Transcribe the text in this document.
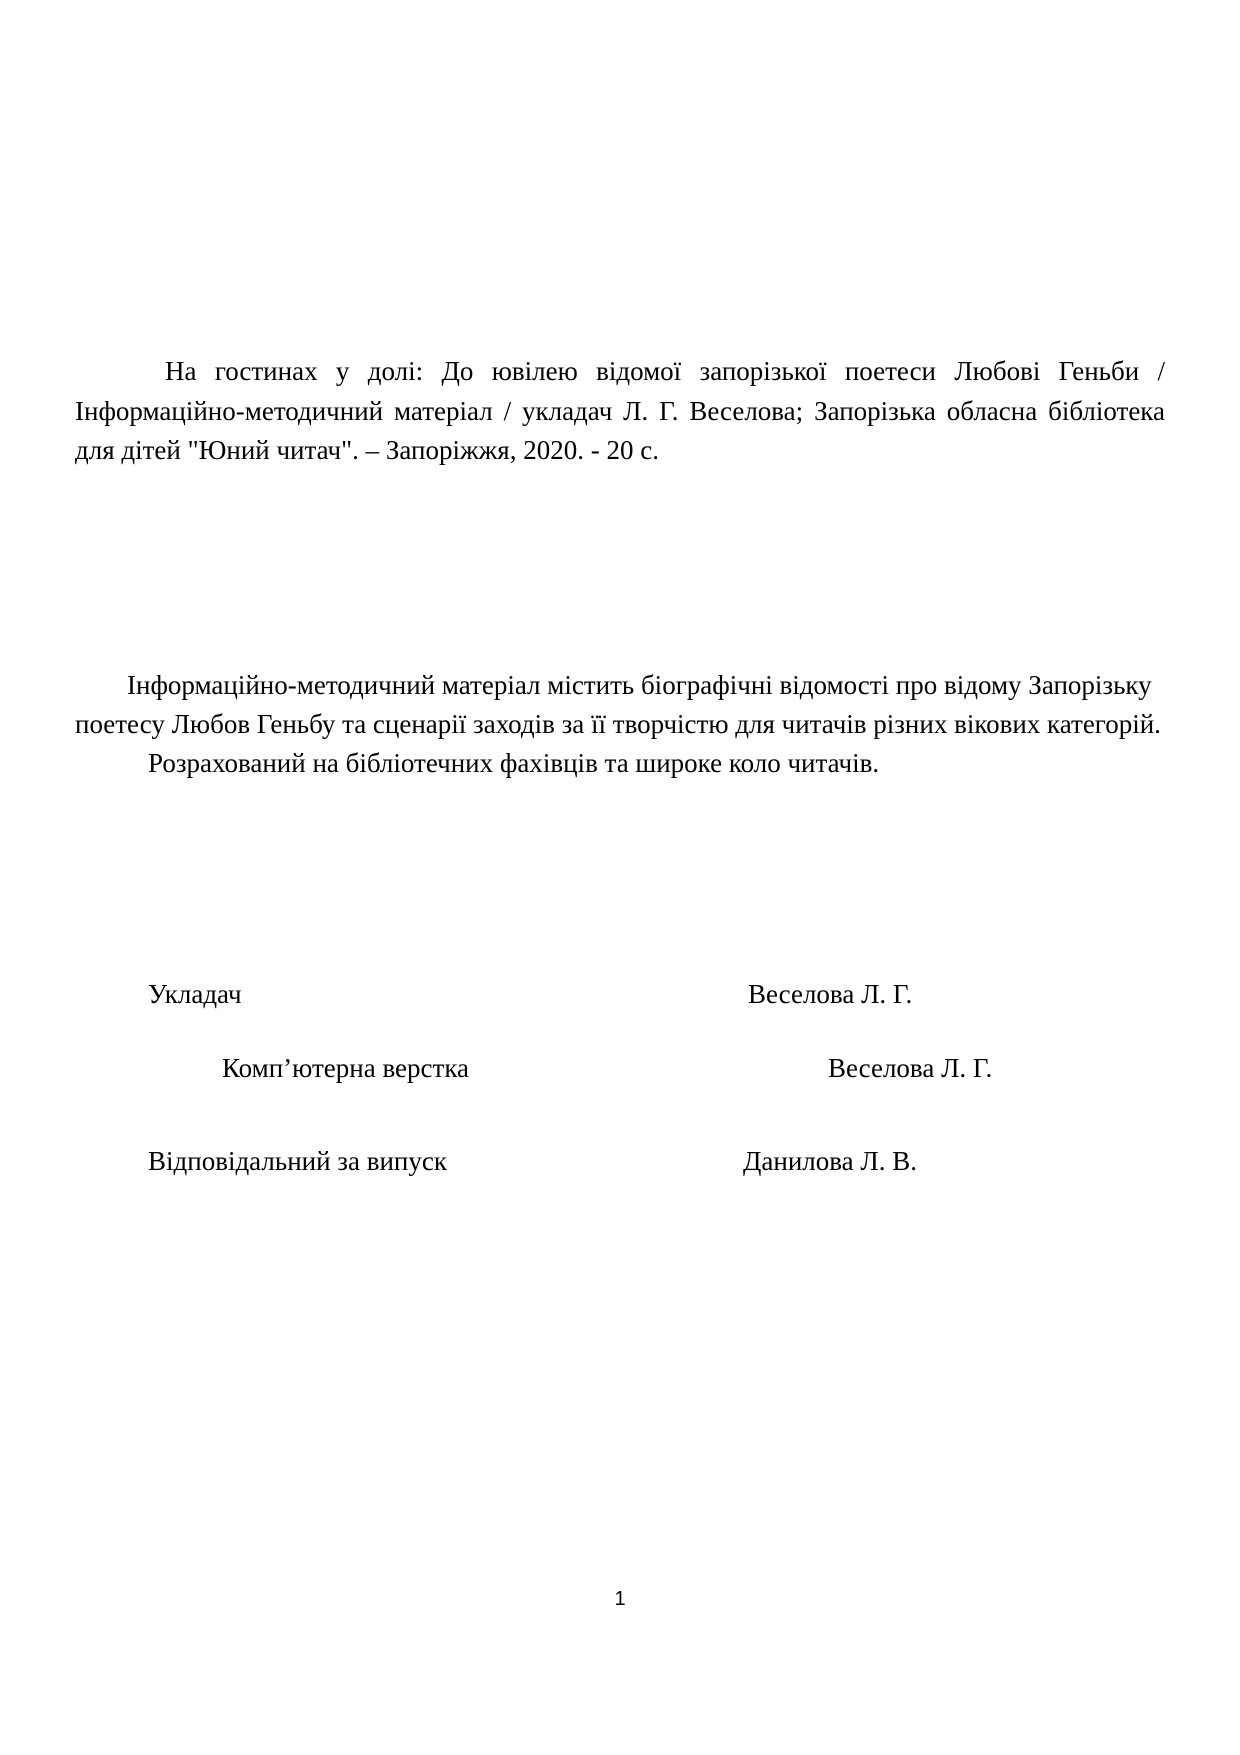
На гостинах у долі: До ювілею відомої запорізької поетеси Любові Геньби / Інформаційно-методичний матеріал / укладач Л. Г. Веселова; Запорізька обласна бібліотека для дітей "Юний читач". – Запоріжжя, 2020. - 20 с.

Інформаційно-методичний матеріал містить біографічні відомості про відому Запорізьку поетесу Любов Геньбу та сценарії заходів за її творчістю для читачів різних вікових категорій.

Розрахований на бібліотечних фахівців та широке коло читачів.

Укладач	Веселова Л. Г.
Комп’ютерна верстка	Веселова Л. Г.
Відповідальний за випуск	Данилова Л. В.
1
